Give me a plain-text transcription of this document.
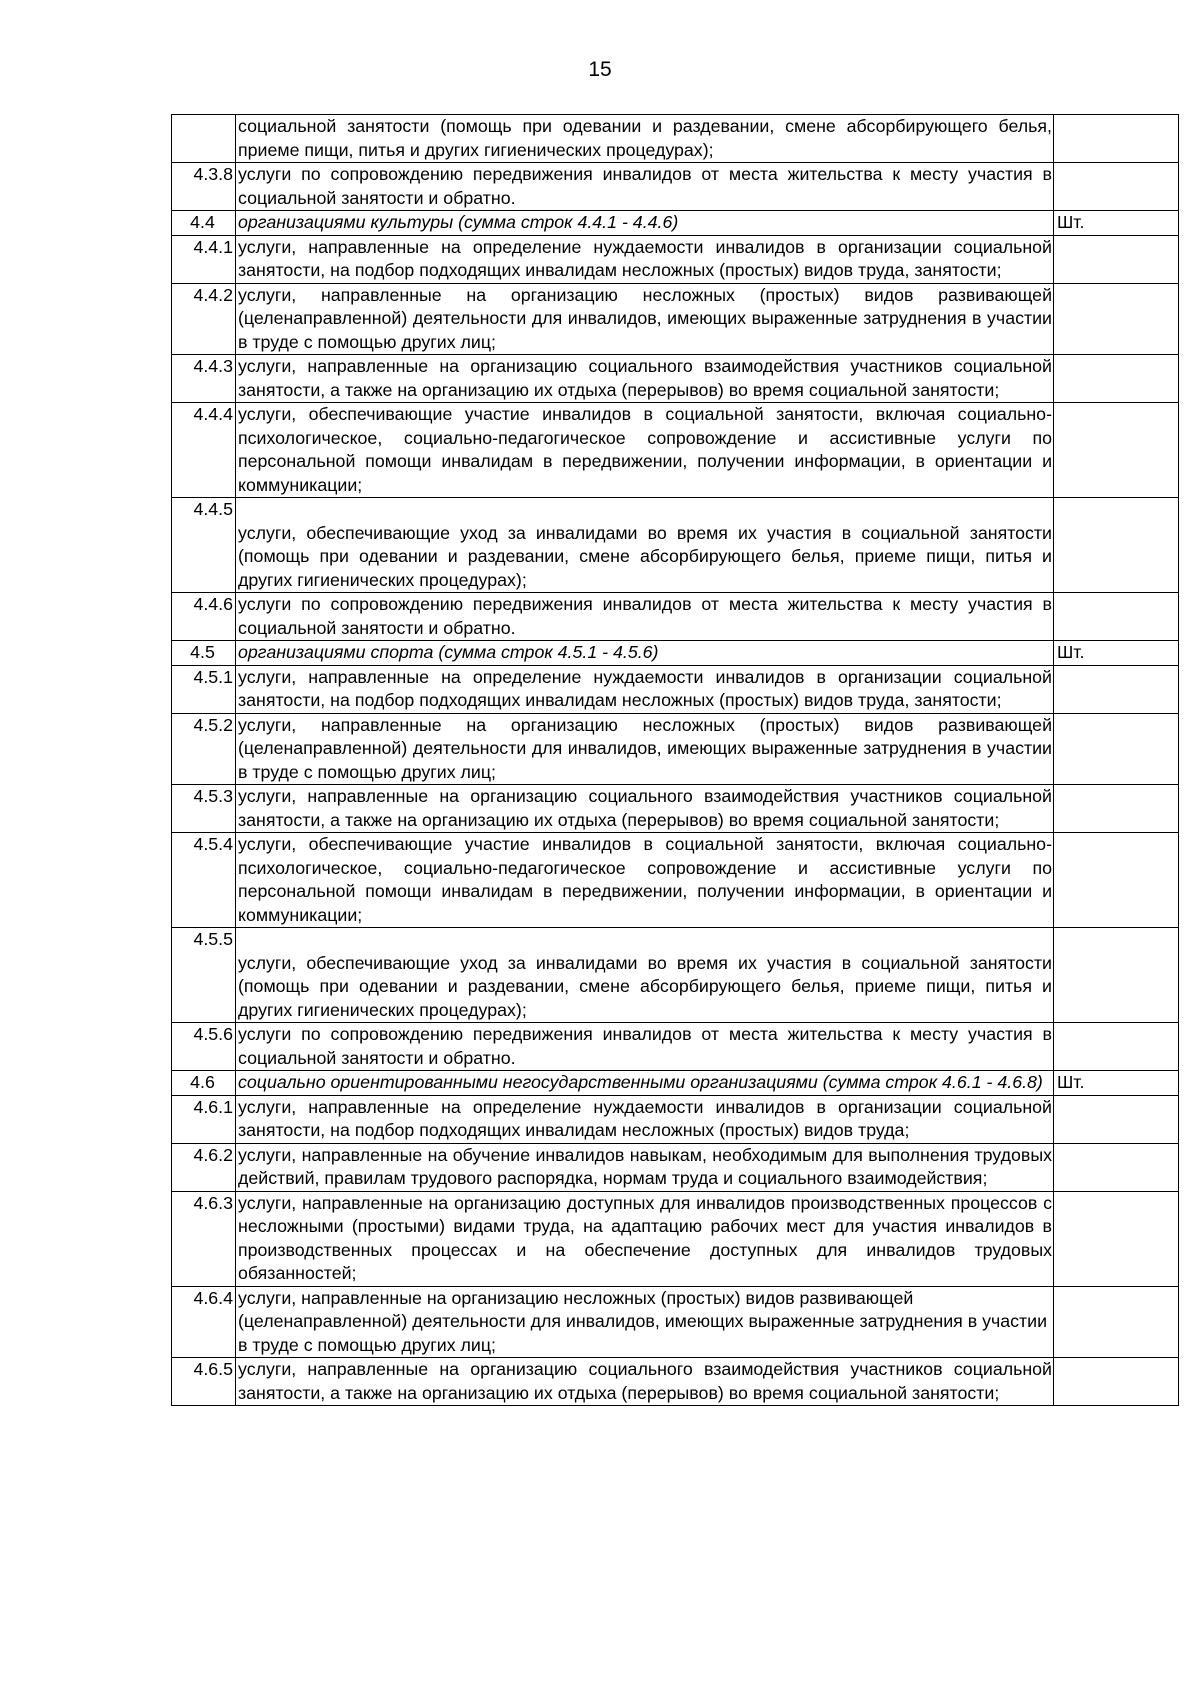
15
	социальной занятости (помощь при одевании и раздевании, смене абсорбирующего белья, приеме пищи, питья и других гигиенических процедурах);	
4.3.8	услуги по сопровождению передвижения инвалидов от места жительства к месту участия в социальной занятости и обратно.	
4.4	организациями культуры (сумма строк 4.4.1 - 4.4.6)	Шт.
4.4.1	услуги, направленные на определение нуждаемости инвалидов в организации социальной занятости, на подбор подходящих инвалидам несложных (простых) видов труда, занятости;	
4.4.2	услуги, направленные на организацию несложных (простых) видов развивающей (целенаправленной) деятельности для инвалидов, имеющих выраженные затруднения в участии в труде с помощью других лиц;	
4.4.3	услуги, направленные на организацию социального взаимодействия участников социальной занятости, а также на организацию их отдыха (перерывов) во время социальной занятости;	
4.4.4	услуги, обеспечивающие участие инвалидов в социальной занятости, включая социально-психологическое, социально-педагогическое сопровождение и ассистивные услуги по персональной помощи инвалидам в передвижении, получении информации, в ориентации и коммуникации;	
4.4.5	услуги, обеспечивающие уход за инвалидами во время их участия в социальной занятости (помощь при одевании и раздевании, смене абсорбирующего белья, приеме пищи, питья и других гигиенических процедурах);	
4.4.6	услуги по сопровождению передвижения инвалидов от места жительства к месту участия в социальной занятости и обратно.	
4.5	организациями спорта (сумма строк 4.5.1 - 4.5.6)	Шт.
4.5.1	услуги, направленные на определение нуждаемости инвалидов в организации социальной занятости, на подбор подходящих инвалидам несложных (простых) видов труда, занятости;	
4.5.2	услуги, направленные на организацию несложных (простых) видов развивающей (целенаправленной) деятельности для инвалидов, имеющих выраженные затруднения в участии в труде с помощью других лиц;	
4.5.3	услуги, направленные на организацию социального взаимодействия участников социальной занятости, а также на организацию их отдыха (перерывов) во время социальной занятости;	
4.5.4	услуги, обеспечивающие участие инвалидов в социальной занятости, включая социально-психологическое, социально-педагогическое сопровождение и ассистивные услуги по персональной помощи инвалидам в передвижении, получении информации, в ориентации и коммуникации;	
4.5.5	услуги, обеспечивающие уход за инвалидами во время их участия в социальной занятости (помощь при одевании и раздевании, смене абсорбирующего белья, приеме пищи, питья и других гигиенических процедурах);	
4.5.6	услуги по сопровождению передвижения инвалидов от места жительства к месту участия в социальной занятости и обратно.	
4.6	социально ориентированными негосударственными организациями (сумма строк 4.6.1 - 4.6.8)	Шт.
4.6.1	услуги, направленные на определение нуждаемости инвалидов в организации социальной занятости, на подбор подходящих инвалидам несложных (простых) видов труда;	
4.6.2	услуги, направленные на обучение инвалидов навыкам, необходимым для выполнения трудовых действий, правилам трудового распорядка, нормам труда и социального взаимодействия;	
4.6.3	услуги, направленные на организацию доступных для инвалидов производственных процессов с несложными (простыми) видами труда, на адаптацию рабочих мест для участия инвалидов в производственных процессах и на обеспечение доступных для инвалидов трудовых обязанностей;	
4.6.4	услуги, направленные на организацию несложных (простых) видов развивающей (целенаправленной) деятельности для инвалидов, имеющих выраженные затруднения в участии в труде с помощью других лиц;	
4.6.5	услуги, направленные на организацию социального взаимодействия участников социальной занятости, а также на организацию их отдыха (перерывов) во время социальной занятости;	
